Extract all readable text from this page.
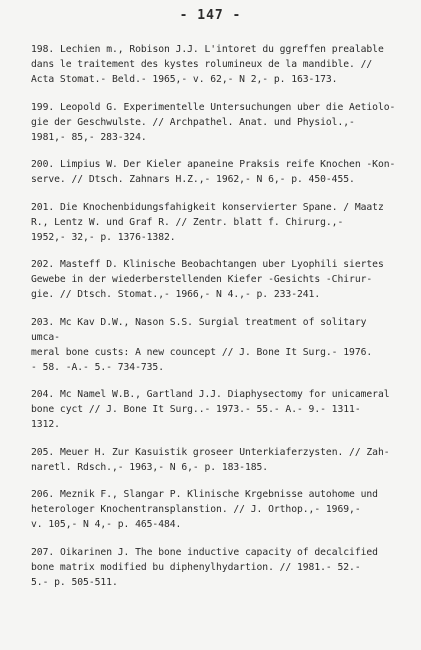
- 147 -
198. Lechien m., Robison J.J. L'intoret du ggreffen prealable
dans le traitement des kystes rolumineux de la mandible. //
Acta Stomat.- Beld.- 1965,- v. 62,- N 2,- p. 163-173.
199. Leopold G. Experimentelle Untersuchungen uber die Aetiolo-
gie der Geschwulste. // Archpathel. Anat. und Physiol.,-
1981,- 85,- 283-324.
200. Limpius W. Der Kieler apaneine Praksis reife Knochen -Kon-
serve. // Dtsch. Zahnars H.Z.,- 1962,- N 6,- p. 450-455.
201. Die Knochenbidungsfahigkeit konservierter Spane. / Maatz
R., Lentz W. und Graf R. // Zentr. blatt f. Chirurg.,-
1952,- 32,- p. 1376-1382.
202. Masteff D. Klinische Beobachtangen uber Lyophili siertes
Gewebe in der wiederberstellenden Kiefer -Gesichts -Chirur-
gie. // Dtsch. Stomat.,- 1966,- N 4.,- p. 233-241.
203. Mc Kav D.W., Nason S.S. Surgial treatment of solitary umca-
meral bone custs: A new councept // J. Bone It Surg.- 1976.
- 58. -A.- 5.- 734-735.
204. Mc Namel W.B., Gartland J.J. Diaphysectomy for unicameral
bone cyct // J. Bone It Surg..- 1973.- 55.- A.- 9.- 1311-
1312.
205. Meuer H. Zur Kasuistik groseer Unterkiaferzysten. // Zah-
naretl. Rdsch.,- 1963,- N 6,- p. 183-185.
206. Meznik F., Slangar P. Klinische Krgebnisse autohome und
heterologer Knochentransplanstion. // J. Orthop.,- 1969,-
v. 105,- N 4,- p. 465-484.
207. Oikarinen J. The bone inductive capacity of decalcified
bone matrix modified bu diphenylhydartion. // 1981.- 52.-
5.- p. 505-511.
